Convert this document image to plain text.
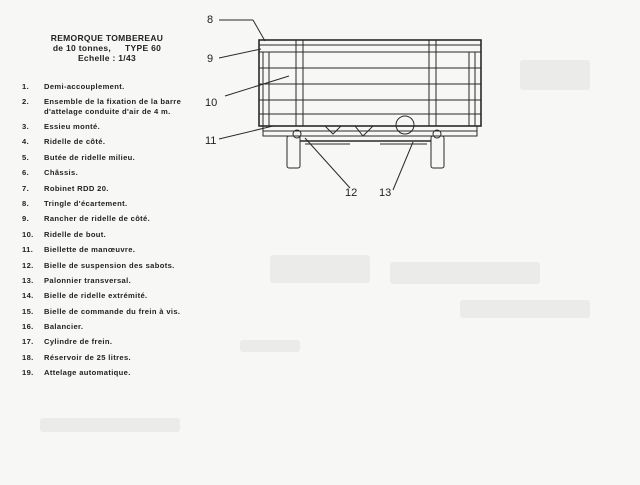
REMORQUE TOMBEREAU
de 10 tonnes, TYPE 60
Echelle : 1/43
1.	Demi-accouplement.
2.	Ensemble de la fixation de la barre d'attelage conduite d'air de 4 m.
3.	Essieu monté.
4.	Ridelle de côté.
5.	Butée de ridelle milieu.
6.	Châssis.
7.	Robinet RDD 20.
8.	Tringle d'écartement.
9.	Rancher de ridelle de côté.
10.	Ridelle de bout.
11.	Biellette de manœuvre.
12.	Bielle de suspension des sabots.
13.	Palonnier transversal.
14.	Bielle de ridelle extrémité.
15.	Bielle de commande du frein à vis.
16.	Balancier.
17.	Cylindre de frein.
18.	Réservoir de 25 litres.
19.	Attelage automatique.
8
9
10
11
12 13
